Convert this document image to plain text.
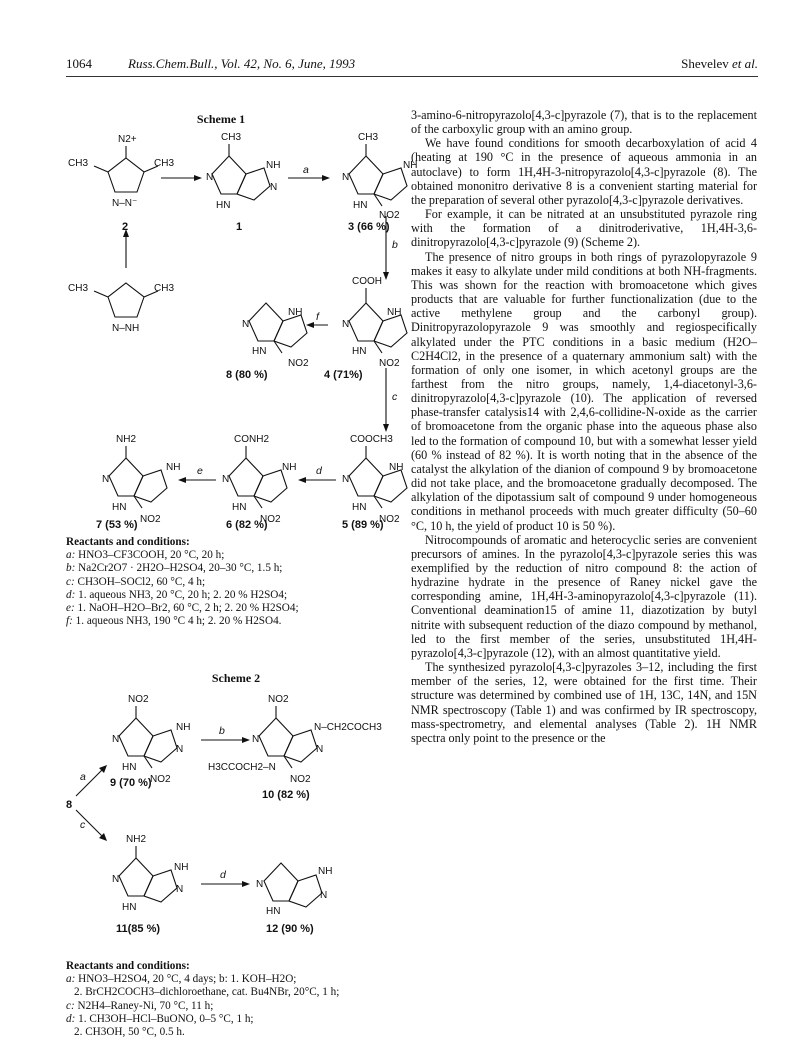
1064	Russ.Chem.Bull., Vol. 42, No. 6, June, 1993	Shevelev et al.
Scheme 1
N2+
CH3	CH3
N–N⁻
CH3
NH
N
N
HN
CH3
NH
N
HN
NO2
CH3	CH3
N–NH
NH
N
HN
NO2
COOH
NH
N
HN
NO2
NH2
NH
N
HN
NO2
CONH2
NH
N
HN
NO2
COOCH3
NH
N
HN
NO2
a
b
f
c
d
e
2	1	3 (66 %)
8 (80 %)	4 (71%)
7 (53 %)	6 (82 %)	5 (89 %)
Reactants and conditions:
a: HNO3–CF3COOH, 20 °C, 20 h;
b: Na2Cr2O7 · 2H2O–H2SO4, 20–30 °C, 1.5 h;
c: CH3OH–SOCl2, 60 °C, 4 h;
d: 1. aqueous NH3, 20 °C, 20 h; 2. 20 % H2SO4;
e: 1. NaOH–H2O–Br2, 60 °C, 2 h; 2. 20 % H2SO4;
f: 1. aqueous NH3, 190 °C 4 h; 2. 20 % H2SO4.
Scheme 2
NO2
NH
N
N
HN
NO2
NO2
N–CH2COCH3
N
N
H3CCOCH2–N
NO2
NH2
NH
N
N
HN
NH
N
N
HN
b
a
c
d
9 (70 %)
10 (82 %)
8
11(85 %)	12 (90 %)
Reactants and conditions:
a: HNO3–H2SO4, 20 °C, 4 days; b: 1. KOH–H2O;
2. BrCH2COCH3–dichloroethane, cat. Bu4NBr, 20°C, 1 h;
c: N2H4–Raney-Ni, 70 °C, 11 h;
d: 1. CH3OH–HCl–BuONO, 0–5 °C, 1 h;
2. CH3OH, 50 °C, 0.5 h.

3-amino-6-nitropyrazolo[4,3-c]pyrazole (7), that is to the replacement of the carboxylic group with an amino group.

We have found conditions for smooth decarboxylation of acid 4 (heating at 190 °C in the presence of aqueous ammonia in an autoclave) to form 1H,4H-3-nitropyrazolo[4,3-c]pyrazole (8). The obtained mononitro derivative 8 is a convenient starting material for the preparation of several other pyrazolo[4,3-c]pyrazole derivatives.

For example, it can be nitrated at an unsubstituted pyrazole ring with the formation of a dinitroderivative, 1H,4H-3,6-dinitropyrazolo[4,3-c]pyrazole (9) (Scheme 2).

The presence of nitro groups in both rings of pyrazolopyrazole 9 makes it easy to alkylate under mild conditions at both NH-fragments. This was shown for the reaction with bromoacetone which gives products that are valuable for further functionalization (due to the active methylene group and the carbonyl group). Dinitropyrazolopyrazole 9 was smoothly and regiospecifically alkylated under the PTC conditions in a basic medium (H2O–C2H4Cl2, in the presence of a quaternary ammonium salt) with the formation of only one isomer, in which acetonyl groups are the farthest from the nitro groups, namely, 1,4-diacetonyl-3,6-dinitropyrazolo[4,3-c]pyrazole (10). The application of reversed phase-transfer catalysis14 with 2,4,6-collidine-N-oxide as the carrier of bromoacetone from the organic phase into the aqueous phase also led to the formation of compound 10, but with a somewhat lesser yield (60 % instead of 82 %). It is worth noting that in the absence of the catalyst the alkylation of the dianion of compound 9 by bromoacetone did not take place, and the bromoacetone gradually decomposed. The alkylation of the dipotassium salt of compound 9 under homogeneous conditions in methanol proceeds with much greater difficulty (50–60 °C, 10 h, the yield of product 10 is 50 %).

Nitrocompounds of aromatic and heterocyclic series are convenient precursors of amines. In the pyrazolo[4,3-c]pyrazole series this was exemplified by the reduction of nitro compound 8: the action of hydrazine hydrate in the presence of Raney nickel gave the corresponding amine, 1H,4H-3-aminopyrazolo[4,3-c]pyrazole (11). Conventional deamination15 of amine 11, diazotization by butyl nitrite with subsequent reduction of the diazo compound by methanol, led to the first member of the series, unsubstituted 1H,4H-pyrazolo[4,3-c]pyrazole (12), with an almost quantitative yield.

The synthesized pyrazolo[4,3-c]pyrazoles 3–12, including the first member of the series, 12, were obtained for the first time. Their structure was determined by combined use of 1H, 13C, 14N, and 15N NMR spectroscopy (Table 1) and was confirmed by IR spectroscopy, mass-spectrometry, and elemental analyses (Table 2). 1H NMR spectra only point to the presence or the
